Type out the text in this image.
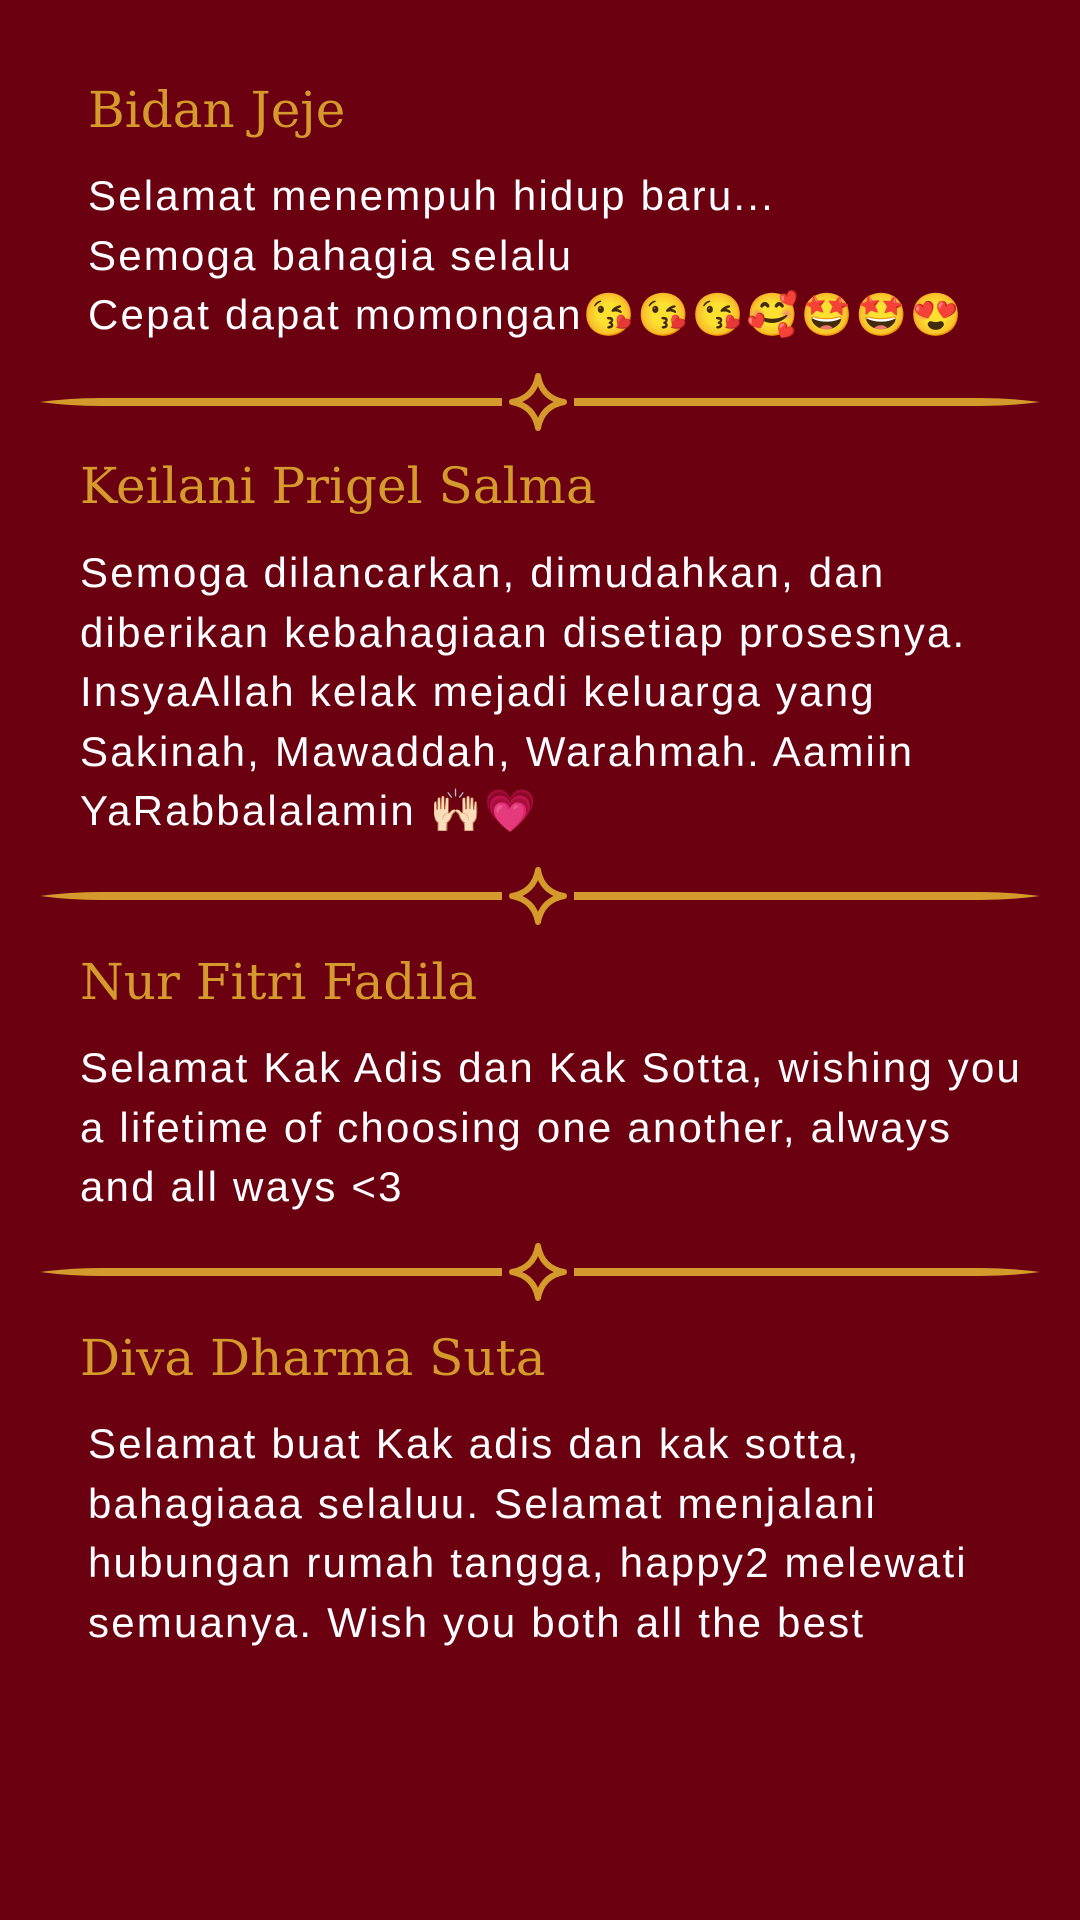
Bidan Jeje
Selamat menempuh hidup baru...
Semoga bahagia selalu
Cepat dapat momongan😘😘😘🥰🤩🤩😍
Keilani Prigel Salma
Semoga dilancarkan, dimudahkan, dan
diberikan kebahagiaan disetiap prosesnya.
InsyaAllah kelak mejadi keluarga yang
Sakinah, Mawaddah, Warahmah. Aamiin
YaRabbalalamin 🙌🏻💗
Nur Fitri Fadila
Selamat Kak Adis dan Kak Sotta, wishing you
a lifetime of choosing one another, always
and all ways <3
Diva Dharma Suta
Selamat buat Kak adis dan kak sotta,
bahagiaaa selaluu. Selamat menjalani
hubungan rumah tangga, happy2 melewati
semuanya. Wish you both all the best
